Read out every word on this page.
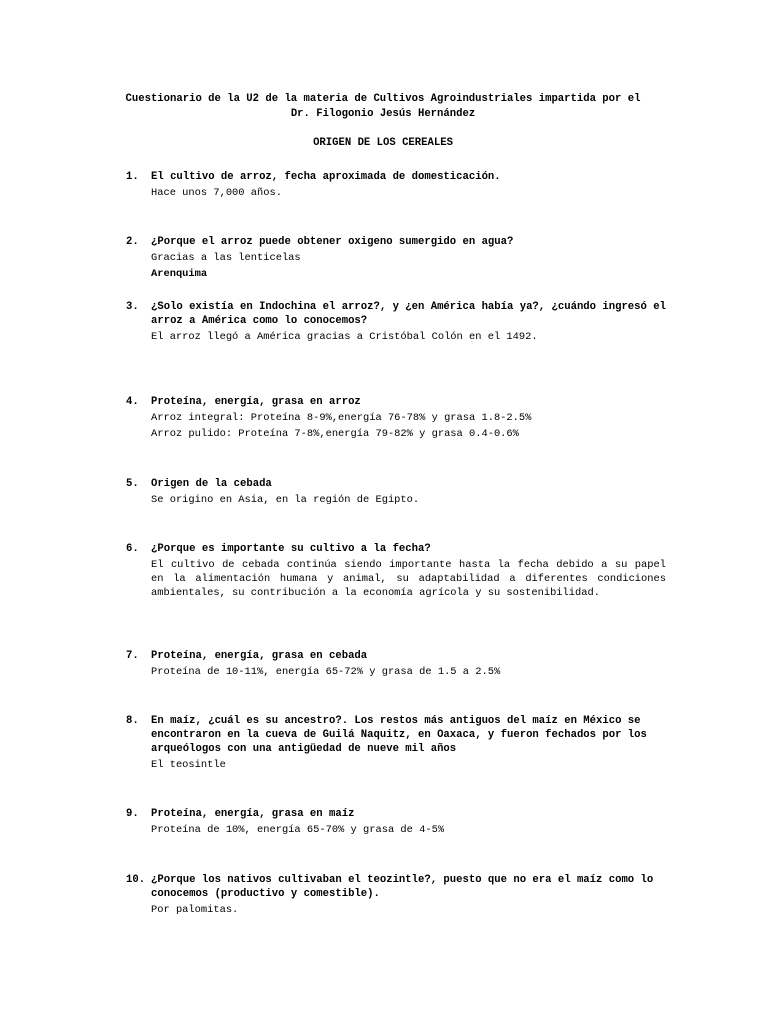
Cuestionario de la U2 de la materia de Cultivos Agroindustriales impartida por el
Dr. Filogonio Jesús Hernández
ORIGEN DE LOS CEREALES
1. El cultivo de arroz, fecha aproximada de domesticación.
Hace unos 7,000 años.
2. ¿Porque el arroz puede obtener oxigeno sumergido en agua?
Gracias a las lenticelas
Arenquima
3. ¿Solo existía en Indochina el arroz?, y ¿en América había ya?, ¿cuándo ingresó el arroz a América como lo conocemos?
El arroz llegó a América gracias a Cristóbal Colón en el 1492.
4. Proteína, energía, grasa en arroz
Arroz integral: Proteína 8-9%,energía 76-78% y grasa 1.8-2.5%
Arroz pulido: Proteína 7-8%,energía 79-82% y grasa 0.4-0.6%
5. Origen de la cebada
Se origino en Asia, en la región de Egipto.
6. ¿Porque es importante su cultivo a la fecha?
El cultivo de cebada continúa siendo importante hasta la fecha debido a su papel en la alimentación humana y animal, su adaptabilidad a diferentes condiciones ambientales, su contribución a la economía agrícola y su sostenibilidad.
7. Proteína, energía, grasa en cebada
Proteína de 10-11%, energía 65-72% y grasa de 1.5 a 2.5%
8. En maíz, ¿cuál es su ancestro?. Los restos más antiguos del maíz en México se encontraron en la cueva de Guilá Naquitz, en Oaxaca, y fueron fechados por los arqueólogos con una antigüedad de nueve mil años
El teosintle
9. Proteína, energía, grasa en maíz
Proteína de 10%, energía 65-70% y grasa de 4-5%
10. ¿Porque los nativos cultivaban el teozintle?, puesto que no era el maíz como lo conocemos (productivo y comestible).
Por palomitas.
